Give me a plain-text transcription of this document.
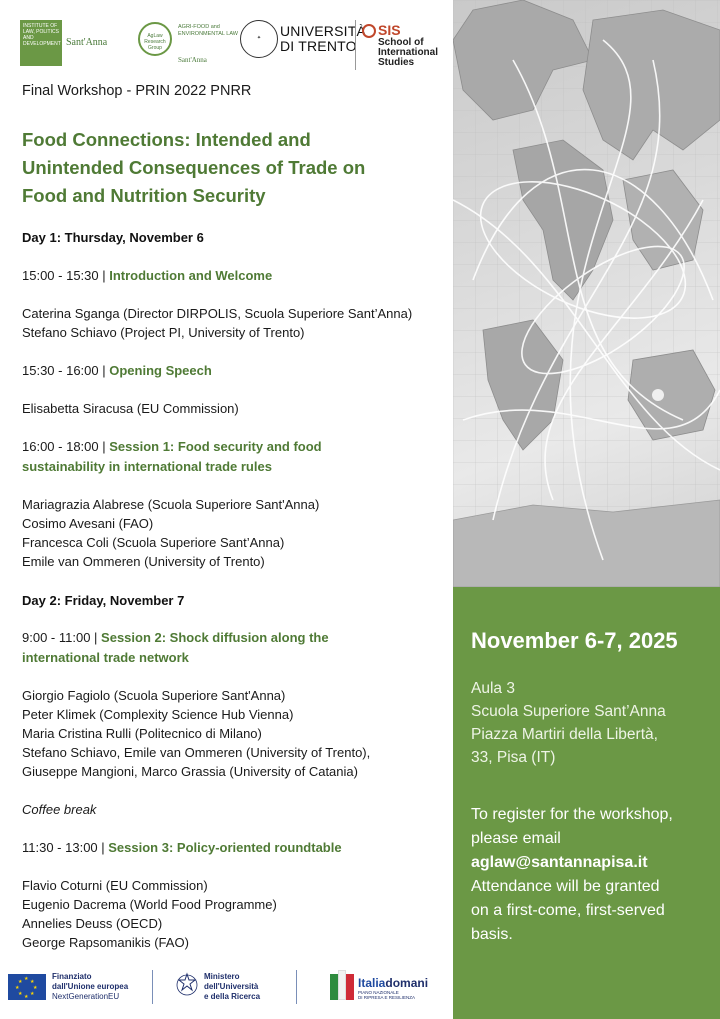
INSTITUTE OF LAW, POLITICS AND DEVELOPMENT Sant'Anna
AgLaw Research Group
AGRI-FOOD and ENVIRONMENTAL LAW
Sant'Anna
✦	UNIVERSITÀ
DI TRENTO
SIS
School of
International
Studies
Final Workshop - PRIN 2022 PNRR
Food Connections: Intended and
Unintended Consequences of Trade on
Food and Nutrition Security
Day 1: Thursday, November 6
15:00 - 15:30 | Introduction and Welcome
Caterina Sganga (Director DIRPOLIS, Scuola Superiore Sant’Anna)
Stefano Schiavo (Project PI, University of Trento)
15:30 - 16:00 | Opening Speech
Elisabetta Siracusa (EU Commission)
16:00 - 18:00 | Session 1: Food security and food
sustainability in international trade rules
Mariagrazia Alabrese (Scuola Superiore Sant'Anna)
Cosimo Avesani (FAO)
Francesca Coli (Scuola Superiore Sant’Anna)
Emile van Ommeren (University of Trento)
Day 2: Friday, November 7
9:00 - 11:00 | Session 2: Shock diffusion along the
international trade network
Giorgio Fagiolo (Scuola Superiore Sant'Anna)
Peter Klimek (Complexity Science Hub Vienna)
Maria Cristina Rulli (Politecnico di Milano)
Stefano Schiavo, Emile van Ommeren (University of Trento),
Giuseppe Mangioni, Marco Grassia (University of Catania)
Coffee break
11:30 - 13:00 | Session 3: Policy-oriented roundtable
Flavio Coturni (EU Commission)
Eugenio Dacrema (World Food Programme)
Annelies Deuss (OECD)
George Rapsomanikis (FAO)
★ ★
★
★
★
★
★
★
Finanziato
dall'Unione europea
NextGenerationEU
Ministero
dell'Università
e della Ricerca
Italiadomani
PIANO NAZIONALE
DI RIPRESA E RESILIENZA
November 6-7, 2025
Aula 3
Scuola Superiore Sant’Anna
Piazza Martiri della Libertà,
33, Pisa (IT)
To register for the workshop,
please email
aglaw@santannapisa.it
Attendance will be granted
on a first-come, first-served
basis.
